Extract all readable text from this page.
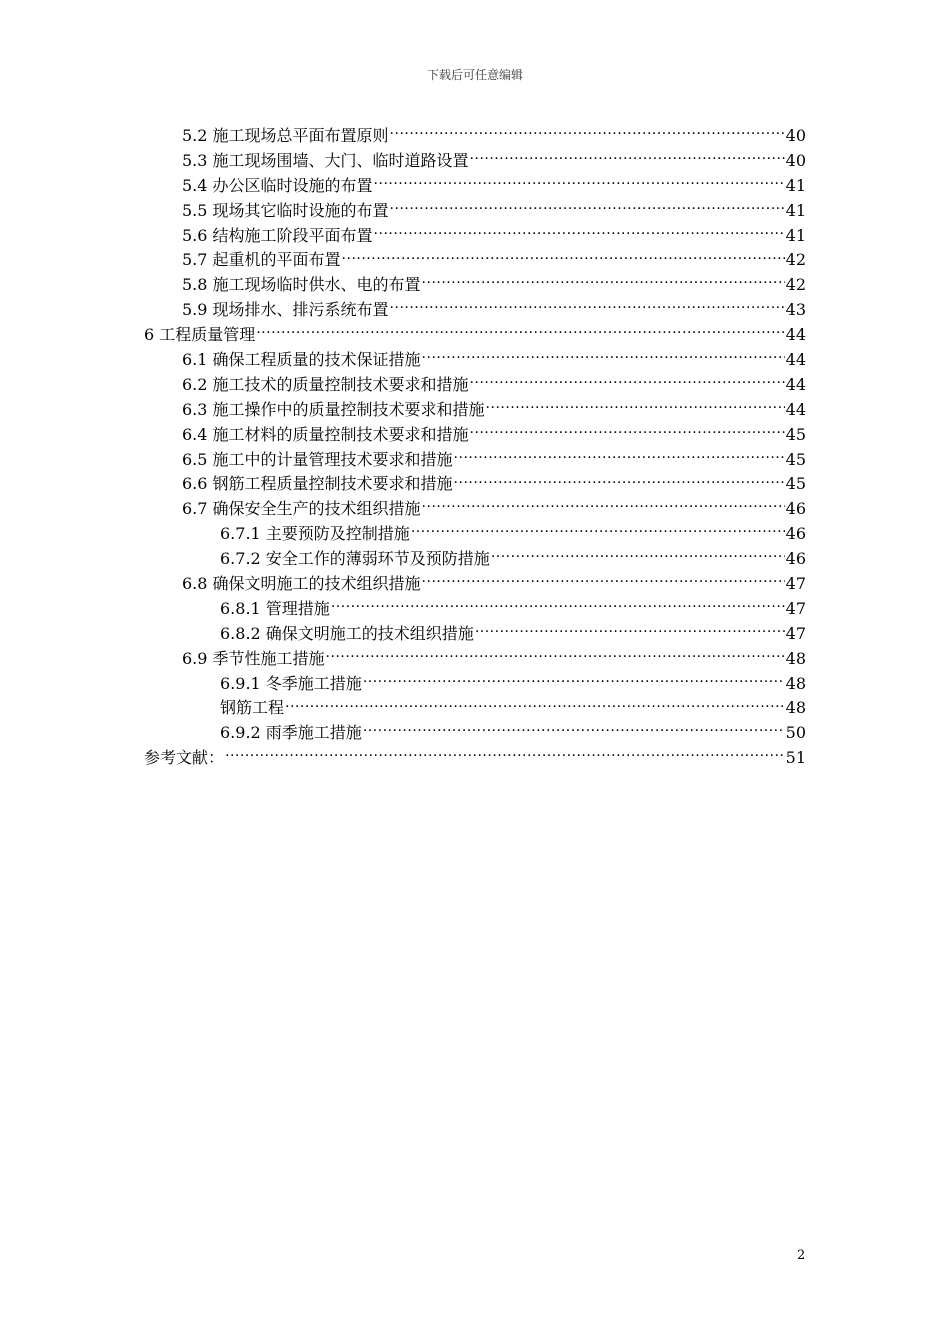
下载后可任意编辑
5.2 施工现场总平面布置原则 .....	40
5.3 施工现场围墙、大门、临时道路设置 .....	40
5.4 办公区临时设施的布置 .....	41
5.5 现场其它临时设施的布置 .....	41
5.6 结构施工阶段平面布置 .....	41
5.7 起重机的平面布置 .....	42
5.8 施工现场临时供水、电的布置 .....	42
5.9 现场排水、排污系统布置 .....	43
6 工程质量管理 .....	44
6.1 确保工程质量的技术保证措施 .....	44
6.2 施工技术的质量控制技术要求和措施 .....	44
6.3 施工操作中的质量控制技术要求和措施 .....	44
6.4 施工材料的质量控制技术要求和措施 .....	45
6.5 施工中的计量管理技术要求和措施 .....	45
6.6 钢筋工程质量控制技术要求和措施 .....	45
6.7 确保安全生产的技术组织措施 .....	46
6.7.1 主要预防及控制措施 .....	46
6.7.2 安全工作的薄弱环节及预防措施 .....	46
6.8 确保文明施工的技术组织措施 .....	47
6.8.1 管理措施 .....	47
6.8.2 确保文明施工的技术组织措施 .....	47
6.9 季节性施工措施 .....	48
6.9.1 冬季施工措施 .....	48
钢筋工程 .....	48
6.9.2 雨季施工措施 .....	50
参考文献： .....	51
2
